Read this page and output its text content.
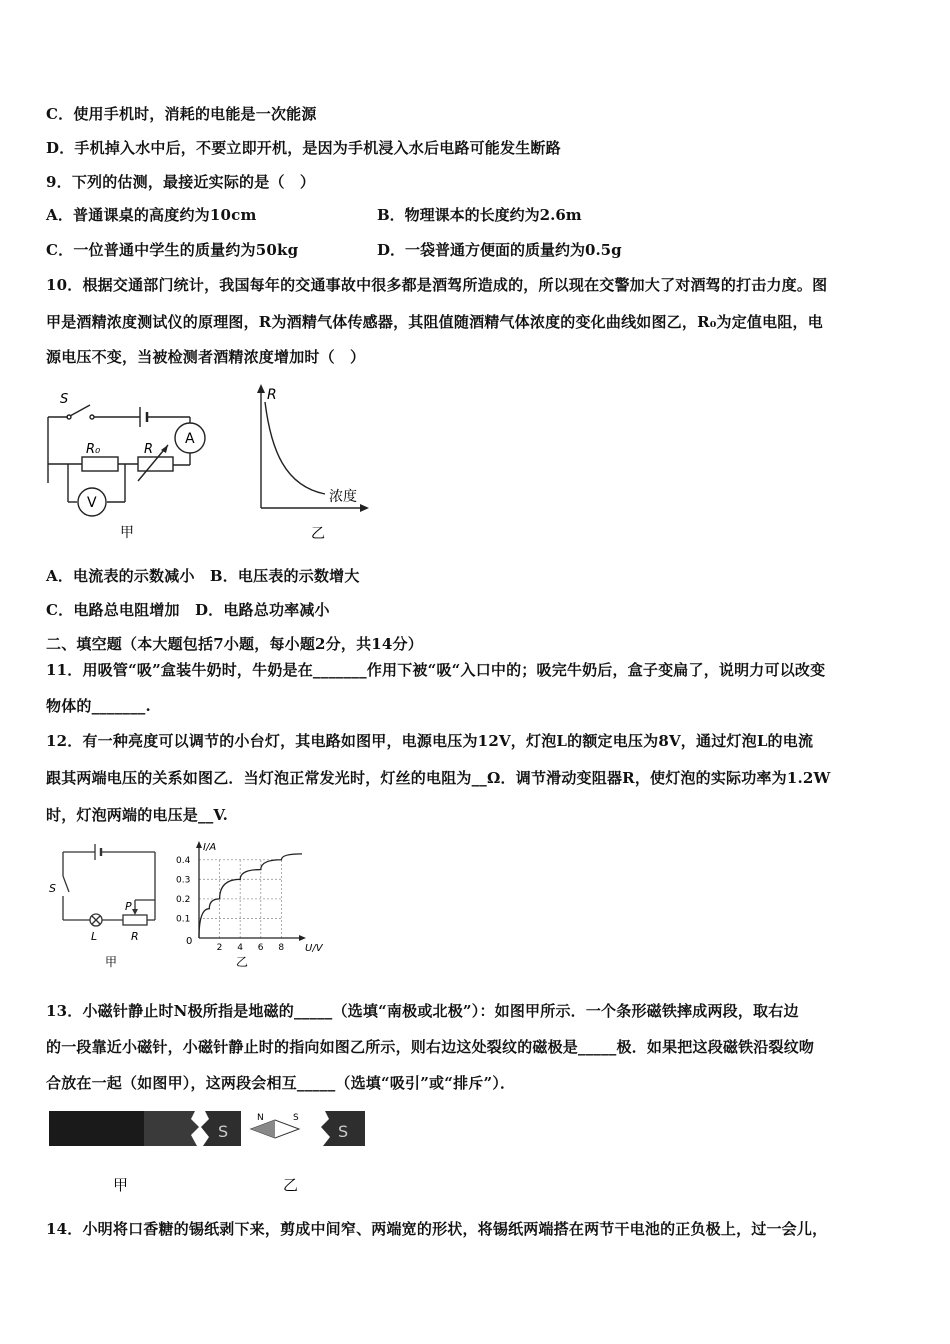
C．使用手机时，消耗的电能是一次能源
D．手机掉入水中后，不要立即开机，是因为手机浸入水后电路可能发生断路
9．下列的估测，最接近实际的是（　）
A．普通课桌的高度约为10cm	B．物理课本的长度约为2.6m
C．一位普通中学生的质量约为50kg	D．一袋普通方便面的质量约为0.5g
10．根据交通部门统计，我国每年的交通事故中很多都是酒驾所造成的，所以现在交警加大了对酒驾的打击力度。图
甲是酒精浓度测试仪的原理图，R为酒精气体传感器，其阻值随酒精气体浓度的变化曲线如图乙，R₀为定值电阻，电
源电压不变，当被检测者酒精浓度增加时（　）
S
A
R₀	R
V
甲
R
浓度
乙
A．电流表的示数减小　B．电压表的示数增大
C．电路总电阻增加　D．电路总功率减小
二、填空题（本大题包括7小题，每小题2分，共14分）
11．用吸管“吸”盒装牛奶时，牛奶是在_______作用下被“吸“入口中的；吸完牛奶后，盒子变扁了，说明力可以改变
物体的_______.
12．有一种亮度可以调节的小台灯，其电路如图甲，电源电压为12V，灯泡L的额定电压为8V，通过灯泡L的电流
跟其两端电压的关系如图乙．当灯泡正常发光时，灯丝的电阻为__Ω．调节滑动变阻器R，使灯泡的实际功率为1.2W
时，灯泡两端的电压是__V.
S
P
L	R
甲
0.4
0.3
0.2
0.1
2 4 6 8
I/A
U/V
0
乙
13．小磁针静止时N极所指是地磁的_____（选填“南极或北极”）：如图甲所示．一个条形磁铁摔成两段，取右边
的一段靠近小磁针，小磁针静止时的指向如图乙所示，则右边这处裂纹的磁极是_____极．如果把这段磁铁沿裂纹吻
合放在一起（如图甲），这两段会相互_____（选填“吸引”或“排斥”）．
S
N	S
S
甲	乙
14．小明将口香糖的锡纸剥下来，剪成中间窄、两端宽的形状，将锡纸两端搭在两节干电池的正负极上，过一会儿，
